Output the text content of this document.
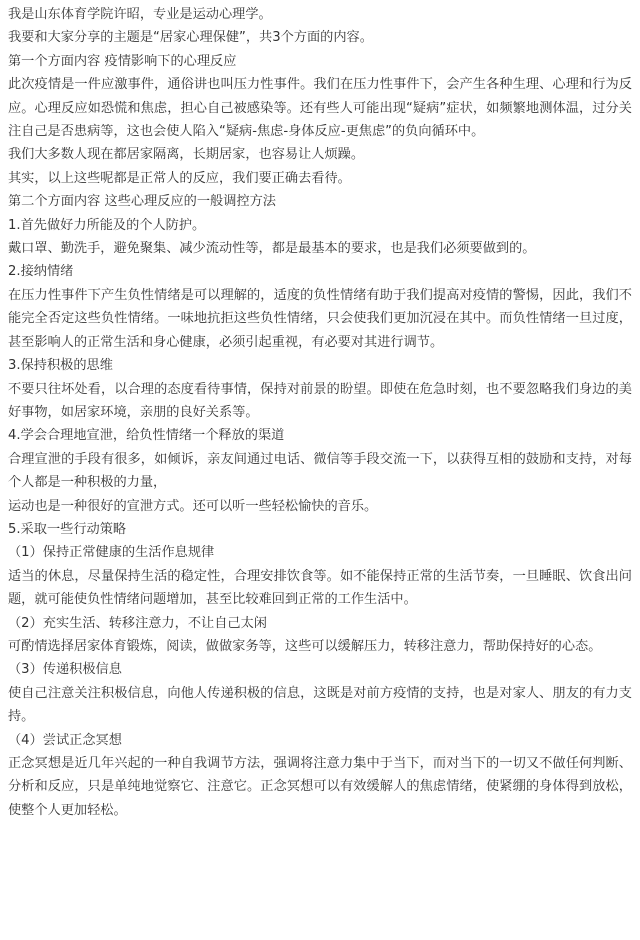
我是山东体育学院许昭，专业是运动心理学。

我要和大家分享的主题是“居家心理保健”，共3个方面的内容。

第一个方面内容 疫情影响下的心理反应

此次疫情是一件应激事件，通俗讲也叫压力性事件。我们在压力性事件下，会产生各种生理、心理和行为反应。心理反应如恐慌和焦虑，担心自己被感染等。还有些人可能出现“疑病”症状，如频繁地测体温，过分关注自己是否患病等，这也会使人陷入“疑病-焦虑-身体反应-更焦虑”的负向循环中。

我们大多数人现在都居家隔离，长期居家，也容易让人烦躁。

其实，以上这些呢都是正常人的反应，我们要正确去看待。

第二个方面内容 这些心理反应的一般调控方法

1.首先做好力所能及的个人防护。

戴口罩、勤洗手，避免聚集、减少流动性等，都是最基本的要求，也是我们必须要做到的。

2.接纳情绪

在压力性事件下产生负性情绪是可以理解的，适度的负性情绪有助于我们提高对疫情的警惕，因此，我们不能完全否定这些负性情绪。一味地抗拒这些负性情绪，只会使我们更加沉浸在其中。而负性情绪一旦过度，甚至影响人的正常生活和身心健康，必须引起重视，有必要对其进行调节。

3.保持积极的思维

不要只往坏处看，以合理的态度看待事情，保持对前景的盼望。即使在危急时刻，也不要忽略我们身边的美好事物，如居家环境，亲朋的良好关系等。

4.学会合理地宣泄，给负性情绪一个释放的渠道

合理宣泄的手段有很多，如倾诉，亲友间通过电话、微信等手段交流一下，以获得互相的鼓励和支持，对每个人都是一种积极的力量，

运动也是一种很好的宣泄方式。还可以听一些轻松愉快的音乐。

5.采取一些行动策略

（1）保持正常健康的生活作息规律

适当的休息，尽量保持生活的稳定性，合理安排饮食等。如不能保持正常的生活节奏，一旦睡眠、饮食出问题，就可能使负性情绪问题增加，甚至比较难回到正常的工作生活中。

（2）充实生活、转移注意力，不让自己太闲

可酌情选择居家体育锻炼，阅读，做做家务等，这些可以缓解压力，转移注意力，帮助保持好的心态。

（3）传递积极信息

使自己注意关注积极信息，向他人传递积极的信息，这既是对前方疫情的支持，也是对家人、朋友的有力支持。

（4）尝试正念冥想

正念冥想是近几年兴起的一种自我调节方法，强调将注意力集中于当下，而对当下的一切又不做任何判断、分析和反应，只是单纯地觉察它、注意它。正念冥想可以有效缓解人的焦虑情绪，使紧绷的身体得到放松，使整个人更加轻松。
